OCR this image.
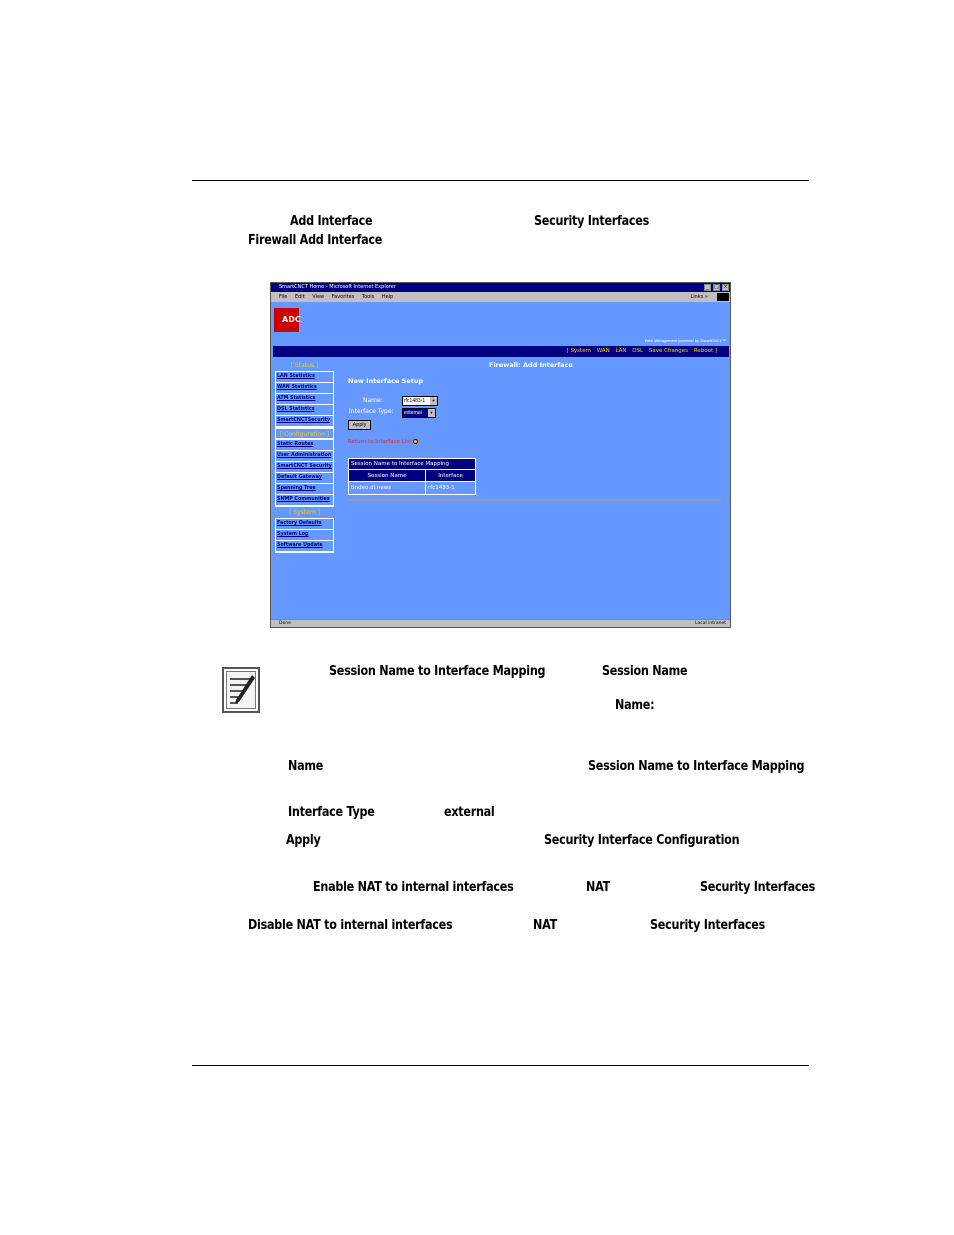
Add Interface	Security Interfaces
Firewall Add Interface
SmartCNCT Home - Microsoft Internet Explorer	_	□ ×
File Edit View Favorites Tools Help	Links »
ADC
Web Management powered by SmartCNCT™
[ System WAN LAN DSL Save Changes Reboot ]
Firewall: Add Interface
[ Status ]
LAN Statistics
WAN Statistics
ATM Statistics
DSL Statistics
SmartCNCTSecurity
[ Configuration ]
Static Routes
User Administration
SmartCNCT Security
Default Gateway
Spanning Tree
SNMP Communities
[ System ]
Factory Defaults
System Log
Software Update
New Interface Setup
Name:	rfc1483-1	▼
Interface Type:	external	▼
Apply
Return to Interface List
Session Name to Interface Mapping
Session Name	Interface
tindeo.dl.news	rfc1483-1
Done	Local intranet
Session Name to Interface Mapping	Session Name
Name:
Name	Session Name to Interface Mapping
Interface Type	external
Apply	Security Interface Configuration
Enable NAT to internal interfaces	NAT	Security Interfaces
Disable NAT to internal interfaces	NAT	Security Interfaces
